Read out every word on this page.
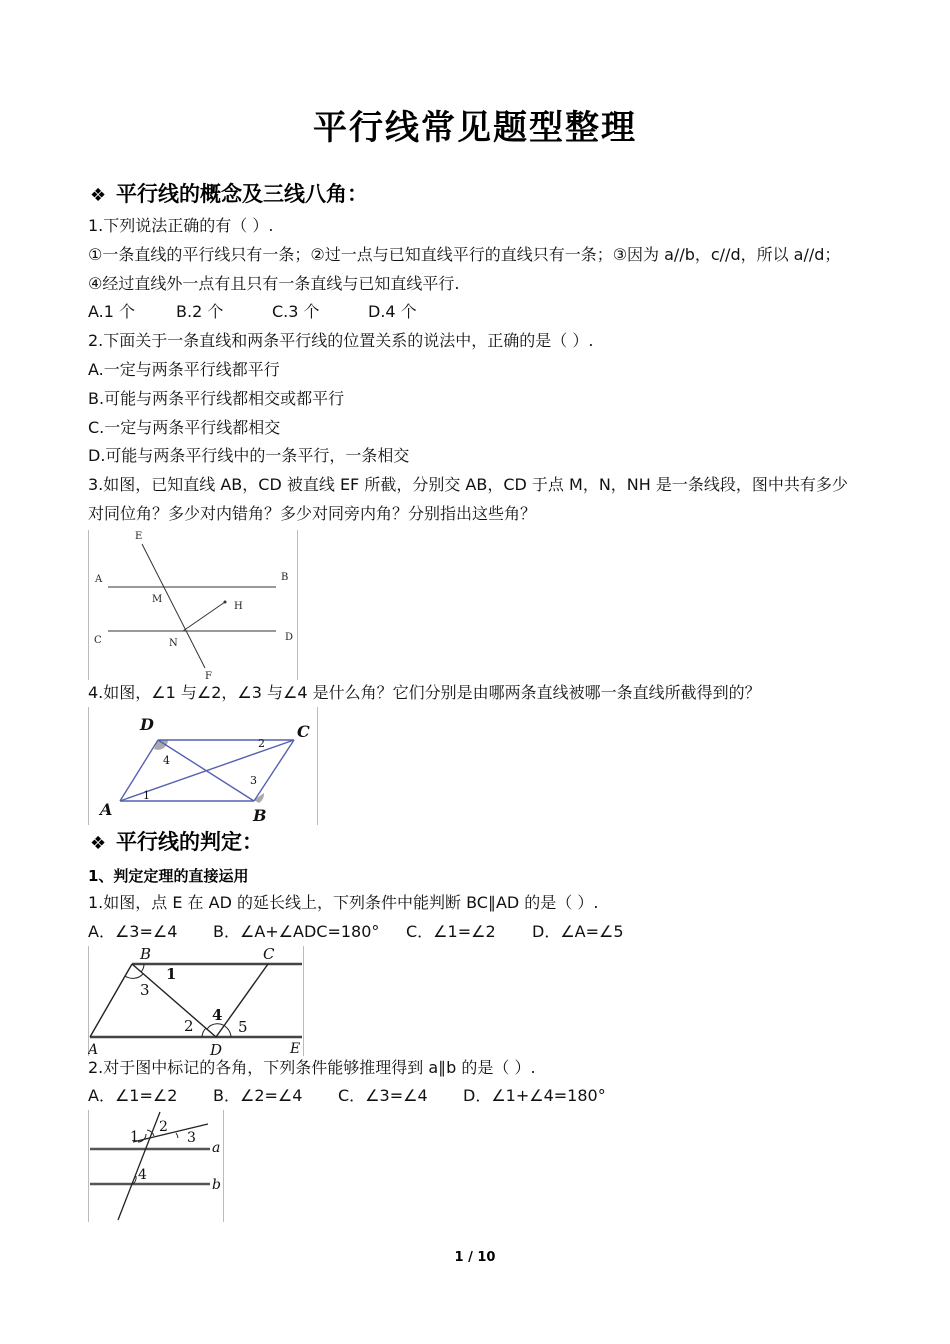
平行线常见题型整理
❖ 平行线的概念及三线八角：
1.下列说法正确的有（ ）.
①一条直线的平行线只有一条；②过一点与已知直线平行的直线只有一条；③因为 a//b，c//d，所以 a//d；
④经过直线外一点有且只有一条直线与已知直线平行.
A.1 个	B.2 个	C.3 个	D.4 个
2.下面关于一条直线和两条平行线的位置关系的说法中，正确的是（ ）.
A.一定与两条平行线都平行
B.可能与两条平行线都相交或都平行
C.一定与两条平行线都相交
D.可能与两条平行线中的一条平行，一条相交
3.如图，已知直线 AB，CD 被直线 EF 所截，分别交 AB，CD 于点 M，N，NH 是一条线段，图中共有多少
对同位角？多少对内错角？多少对同旁内角？分别指出这些角？
E
A	B
M
H
C	N
D
F
4.如图，∠1 与∠2，∠3 与∠4 是什么角？它们分别是由哪两条直线被哪一条直线所截得到的？
D	C
A	B
1
2
3
4
❖ 平行线的判定：
1、判定定理的直接运用
1.如图，点 E 在 AD 的延长线上，下列条件中能判断 BC∥AD 的是（ ）.
A．∠3=∠4 B．∠A+∠ADC=180° C．∠1=∠2 D．∠A=∠5
B	C
A	D	E
1
2
3
4
5
2.对于图中标记的各角，下列条件能够推理得到 a∥b 的是（ ）.
A．∠1=∠2 B．∠2=∠4 C．∠3=∠4 D．∠1+∠4=180°
1
2
3
4
a
b
1 / 10
